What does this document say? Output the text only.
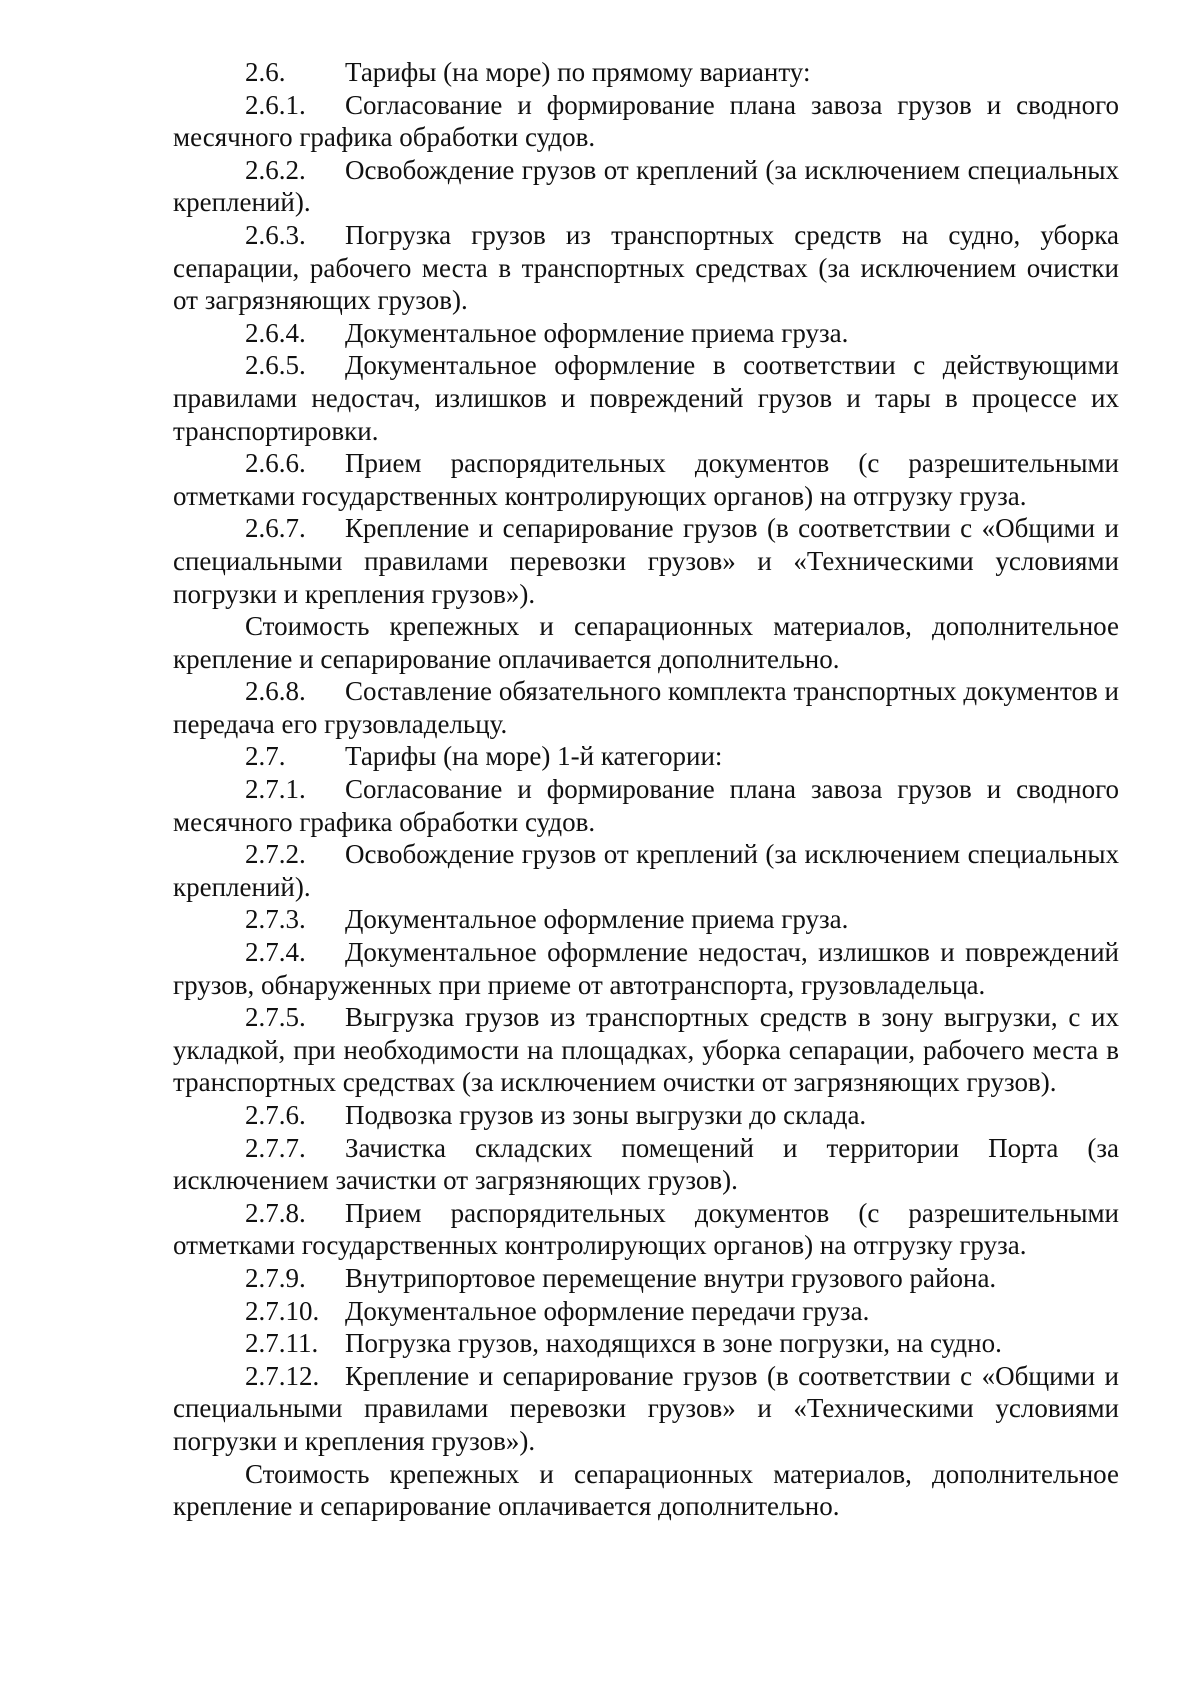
2.6. Тарифы (на море) по прямому варианту:

2.6.1. Согласование и формирование плана завоза грузов и сводного месячного графика обработки судов.

2.6.2. Освобождение грузов от креплений (за исключением специальных креплений).

2.6.3. Погрузка грузов из транспортных средств на судно, уборка сепарации, рабочего места в транспортных средствах (за исключением очистки от загрязняющих грузов).

2.6.4. Документальное оформление приема груза.

2.6.5. Документальное оформление в соответствии с действующими правилами недостач, излишков и повреждений грузов и тары в процессе их транспортировки.

2.6.6. Прием распорядительных документов (с разрешительными отметками государственных контролирующих органов) на отгрузку груза.

2.6.7. Крепление и сепарирование грузов (в соответствии с «Общими и специальными правилами перевозки грузов» и «Техническими условиями погрузки и крепления грузов»).

Стоимость крепежных и сепарационных материалов, дополнительное крепление и сепарирование оплачивается дополнительно.

2.6.8. Составление обязательного комплекта транспортных документов и передача его грузовладельцу.

2.7. Тарифы (на море) 1-й категории:

2.7.1. Согласование и формирование плана завоза грузов и сводного месячного графика обработки судов.

2.7.2. Освобождение грузов от креплений (за исключением специальных креплений).

2.7.3. Документальное оформление приема груза.

2.7.4. Документальное оформление недостач, излишков и повреждений грузов, обнаруженных при приеме от автотранспорта, грузовладельца.

2.7.5. Выгрузка грузов из транспортных средств в зону выгрузки, с их укладкой, при необходимости на площадках, уборка сепарации, рабочего места в транспортных средствах (за исключением очистки от загрязняющих грузов).

2.7.6. Подвозка грузов из зоны выгрузки до склада.

2.7.7. Зачистка складских помещений и территории Порта (за исключением зачистки от загрязняющих грузов).

2.7.8. Прием распорядительных документов (с разрешительными отметками государственных контролирующих органов) на отгрузку груза.

2.7.9. Внутрипортовое перемещение внутри грузового района.

2.7.10. Документальное оформление передачи груза.

2.7.11. Погрузка грузов, находящихся в зоне погрузки, на судно.

2.7.12. Крепление и сепарирование грузов (в соответствии с «Общими и специальными правилами перевозки грузов» и «Техническими условиями погрузки и крепления грузов»).

Стоимость крепежных и сепарационных материалов, дополнительное крепление и сепарирование оплачивается дополнительно.
